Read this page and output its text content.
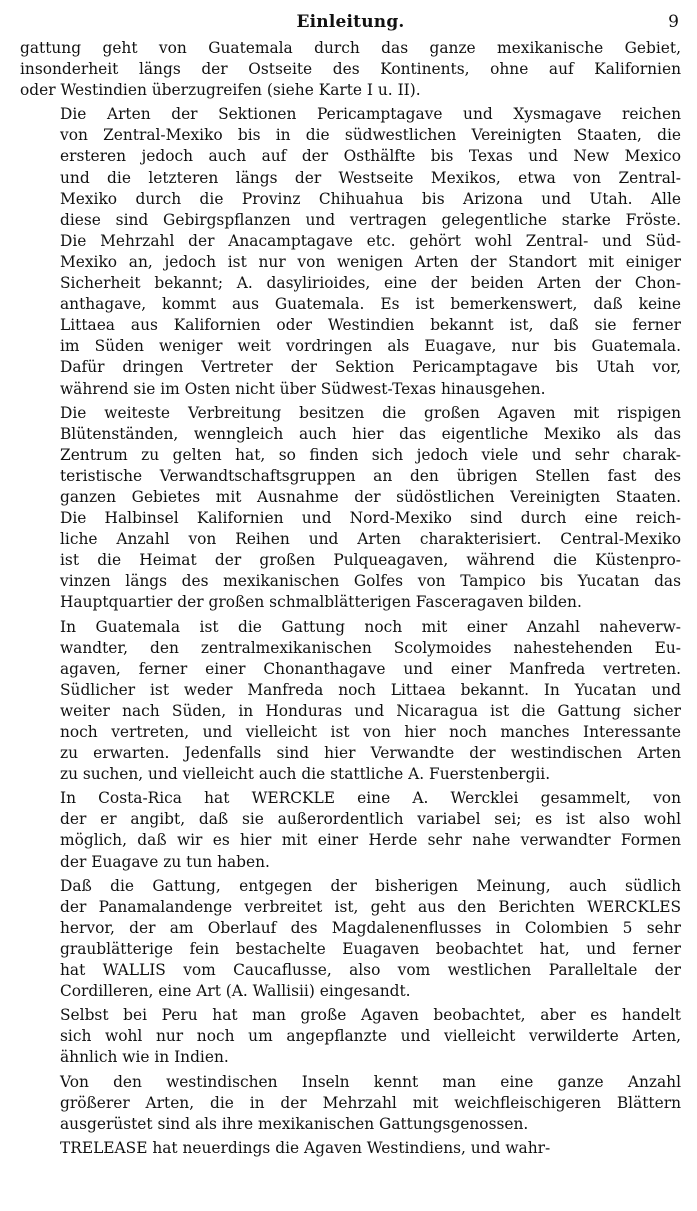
Einleitung.	9
gattung geht von Guatemala durch das ganze mexikanische Gebiet,
insonderheit längs der Ostseite des Kontinents, ohne auf Kalifornien
oder Westindien überzugreifen (siehe Karte I u. II).
Die Arten der Sektionen Pericamptagave und Xysmagave reichen
von Zentral-Mexiko bis in die südwestlichen Vereinigten Staaten, die
ersteren jedoch auch auf der Osthälfte bis Texas und New Mexico
und die letzteren längs der Westseite Mexikos, etwa von Zentral-
Mexiko durch die Provinz Chihuahua bis Arizona und Utah. Alle
diese sind Gebirgspflanzen und vertragen gelegentliche starke Fröste.
Die Mehrzahl der Anacamptagave etc. gehört wohl Zentral- und Süd-
Mexiko an, jedoch ist nur von wenigen Arten der Standort mit einiger
Sicherheit bekannt; A. dasylirioides, eine der beiden Arten der Chon-
anthagave, kommt aus Guatemala. Es ist bemerkenswert, daß keine
Littaea aus Kalifornien oder Westindien bekannt ist, daß sie ferner
im Süden weniger weit vordringen als Euagave, nur bis Guatemala.
Dafür dringen Vertreter der Sektion Pericamptagave bis Utah vor,
während sie im Osten nicht über Südwest-Texas hinausgehen.
Die weiteste Verbreitung besitzen die großen Agaven mit rispigen
Blütenständen, wenngleich auch hier das eigentliche Mexiko als das
Zentrum zu gelten hat, so finden sich jedoch viele und sehr charak-
teristische Verwandtschaftsgruppen an den übrigen Stellen fast des
ganzen Gebietes mit Ausnahme der südöstlichen Vereinigten Staaten.
Die Halbinsel Kalifornien und Nord-Mexiko sind durch eine reich-
liche Anzahl von Reihen und Arten charakterisiert. Central-Mexiko
ist die Heimat der großen Pulqueagaven, während die Küstenpro-
vinzen längs des mexikanischen Golfes von Tampico bis Yucatan das
Hauptquartier der großen schmalblätterigen Fasceragaven bilden.
In Guatemala ist die Gattung noch mit einer Anzahl naheverw-
wandter, den zentralmexikanischen Scolymoides nahestehenden Eu-
agaven, ferner einer Chonanthagave und einer Manfreda vertreten.
Südlicher ist weder Manfreda noch Littaea bekannt. In Yucatan und
weiter nach Süden, in Honduras und Nicaragua ist die Gattung sicher
noch vertreten, und vielleicht ist von hier noch manches Interessante
zu erwarten. Jedenfalls sind hier Verwandte der westindischen Arten
zu suchen, und vielleicht auch die stattliche A. Fuerstenbergii.
In Costa-Rica hat WERCKLE eine A. Wercklei gesammelt, von
der er angibt, daß sie außerordentlich variabel sei; es ist also wohl
möglich, daß wir es hier mit einer Herde sehr nahe verwandter Formen
der Euagave zu tun haben.
Daß die Gattung, entgegen der bisherigen Meinung, auch südlich
der Panamalandenge verbreitet ist, geht aus den Berichten WERCKLES
hervor, der am Oberlauf des Magdalenenflusses in Colombien 5 sehr
graublätterige fein bestachelte Euagaven beobachtet hat, und ferner
hat WALLIS vom Caucaflusse, also vom westlichen Paralleltale der
Cordilleren, eine Art (A. Wallisii) eingesandt.
Selbst bei Peru hat man große Agaven beobachtet, aber es handelt
sich wohl nur noch um angepflanzte und vielleicht verwilderte Arten,
ähnlich wie in Indien.
Von den westindischen Inseln kennt man eine ganze Anzahl
größerer Arten, die in der Mehrzahl mit weichfleischigeren Blättern
ausgerüstet sind als ihre mexikanischen Gattungsgenossen.
TRELEASE hat neuerdings die Agaven Westindiens, und wahr-
